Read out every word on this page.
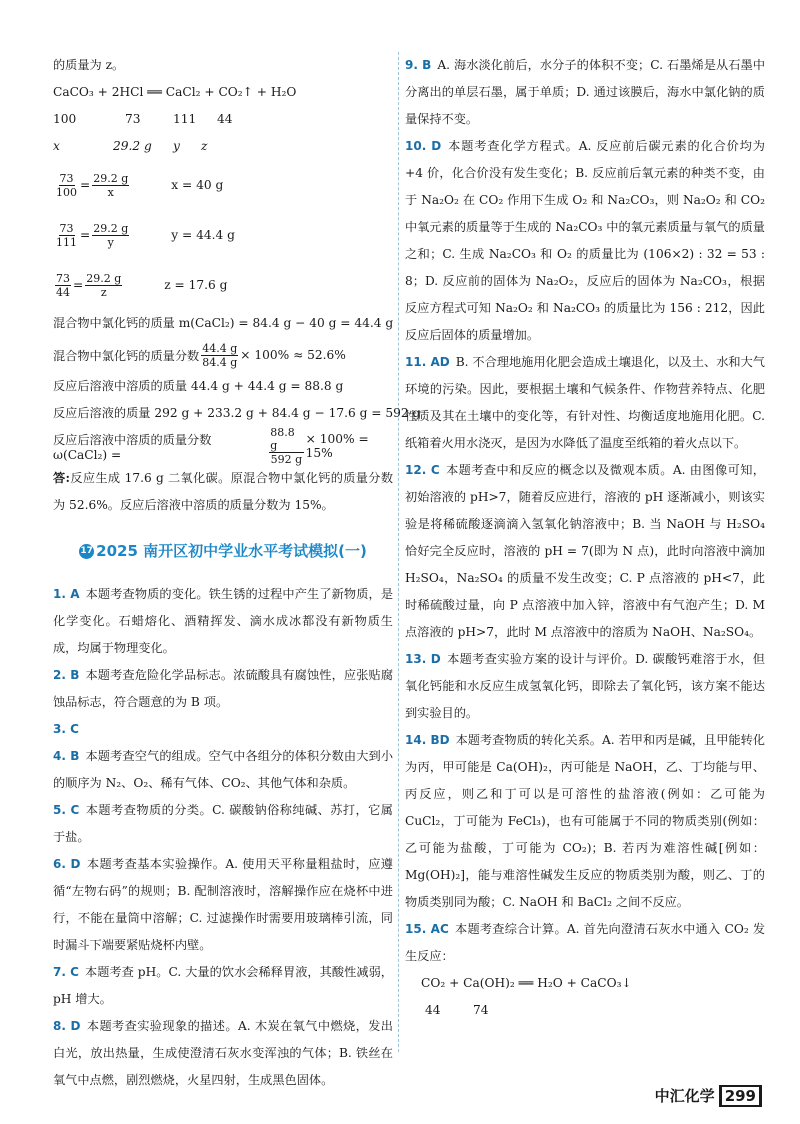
的质量为 z。
CaCO₃ + 2HCl ══ CaCl₂ + CO₂↑ + H₂O
100	73	111 44
x	29.2 g y z
$\frac{73}{100} = \frac{29.2 g}{x}$	x = 40 g
$\frac{73}{111} = \frac{29.2 g}{y}$	y = 44.4 g
$\frac{73}{44} = \frac{29.2 g}{z}$	z = 17.6 g
混合物中氯化钙的质量 m(CaCl₂) = 84.4 g − 40 g = 44.4 g
混合物中氯化钙的质量分数 $\frac{44.4 g}{84.4 g} \times 100\% \approx 52.6\%$
反应后溶液中溶质的质量 44.4 g + 44.4 g = 88.8 g
反应后溶液的质量 292 g + 233.2 g + 84.4 g − 17.6 g = 592 g
反应后溶液中溶质的质量分数 ω(CaCl₂) =	$\frac{88.8 g}{592 g} \times 100\% = 15\%$

答:反应生成 17.6 g 二氧化碳。原混合物中氯化钙的质量分数为 52.6%。反应后溶液中溶质的质量分数为 15%。

17 2025 南开区初中学业水平考试模拟(一)

1. A 本题考查物质的变化。铁生锈的过程中产生了新物质，是化学变化。石蜡熔化、酒精挥发、滴水成冰都没有新物质生成，均属于物理变化。

2. B 本题考查危险化学品标志。浓硫酸具有腐蚀性，应张贴腐蚀品标志，符合题意的为 B 项。

3. C

4. B 本题考查空气的组成。空气中各组分的体积分数由大到小的顺序为 N₂、O₂、稀有气体、CO₂、其他气体和杂质。

5. C 本题考查物质的分类。C. 碳酸钠俗称纯碱、苏打，它属于盐。

6. D 本题考查基本实验操作。A. 使用天平称量粗盐时，应遵循“左物右码”的规则；B. 配制溶液时，溶解操作应在烧杯中进行，不能在量筒中溶解；C. 过滤操作时需要用玻璃棒引流，同时漏斗下端要紧贴烧杯内壁。

7. C 本题考查 pH。C. 大量的饮水会稀释胃液，其酸性减弱，pH 增大。

8. D 本题考查实验现象的描述。A. 木炭在氧气中燃烧，发出白光，放出热量，生成使澄清石灰水变浑浊的气体；B. 铁丝在氧气中点燃，剧烈燃烧，火星四射，生成黑色固体。

9. B A. 海水淡化前后，水分子的体积不变；C. 石墨烯是从石墨中分离出的单层石墨，属于单质；D. 通过该膜后，海水中氯化钠的质量保持不变。

10. D 本题考查化学方程式。A. 反应前后碳元素的化合价均为 +4 价，化合价没有发生变化；B. 反应前后氧元素的种类不变，由于 Na₂O₂ 在 CO₂ 作用下生成 O₂ 和 Na₂CO₃，则 Na₂O₂ 和 CO₂ 中氧元素的质量等于生成的 Na₂CO₃ 中的氧元素质量与氧气的质量之和；C. 生成 Na₂CO₃ 和 O₂ 的质量比为 (106×2) : 32 = 53 : 8；D. 反应前的固体为 Na₂O₂，反应后的固体为 Na₂CO₃，根据反应方程式可知 Na₂O₂ 和 Na₂CO₃ 的质量比为 156 : 212，因此反应后固体的质量增加。

11. AD B. 不合理地施用化肥会造成土壤退化，以及土、水和大气环境的污染。因此，要根据土壤和气候条件、作物营养特点、化肥性质及其在土壤中的变化等，有针对性、均衡适度地施用化肥。C. 纸箱着火用水浇灭，是因为水降低了温度至纸箱的着火点以下。

12. C 本题考查中和反应的概念以及微观本质。A. 由图像可知，初始溶液的 pH>7，随着反应进行，溶液的 pH 逐渐减小，则该实验是将稀硫酸逐滴滴入氢氧化钠溶液中；B. 当 NaOH 与 H₂SO₄ 恰好完全反应时，溶液的 pH = 7(即为 N 点)，此时向溶液中滴加 H₂SO₄，Na₂SO₄ 的质量不发生改变；C. P 点溶液的 pH<7，此时稀硫酸过量，向 P 点溶液中加入锌，溶液中有气泡产生；D. M 点溶液的 pH>7，此时 M 点溶液中的溶质为 NaOH、Na₂SO₄。

13. D 本题考查实验方案的设计与评价。D. 碳酸钙难溶于水，但氧化钙能和水反应生成氢氧化钙，即除去了氧化钙，该方案不能达到实验目的。

14. BD 本题考查物质的转化关系。A. 若甲和丙是碱，且甲能转化为丙，甲可能是 Ca(OH)₂，丙可能是 NaOH，乙、丁均能与甲、丙反应，则乙和丁可以是可溶性的盐溶液(例如：乙可能为 CuCl₂，丁可能为 FeCl₃)，也有可能属于不同的物质类别(例如：乙可能为盐酸，丁可能为 CO₂)；B. 若丙为难溶性碱[例如：Mg(OH)₂]，能与难溶性碱发生反应的物质类别为酸，则乙、丁的物质类别同为酸；C. NaOH 和 BaCl₂ 之间不反应。

15. AC 本题考查综合计算。A. 首先向澄清石灰水中通入 CO₂ 发生反应：

CO₂ + Ca(OH)₂ ══ H₂O + CaCO₃↓
44	74
中汇化学 299
